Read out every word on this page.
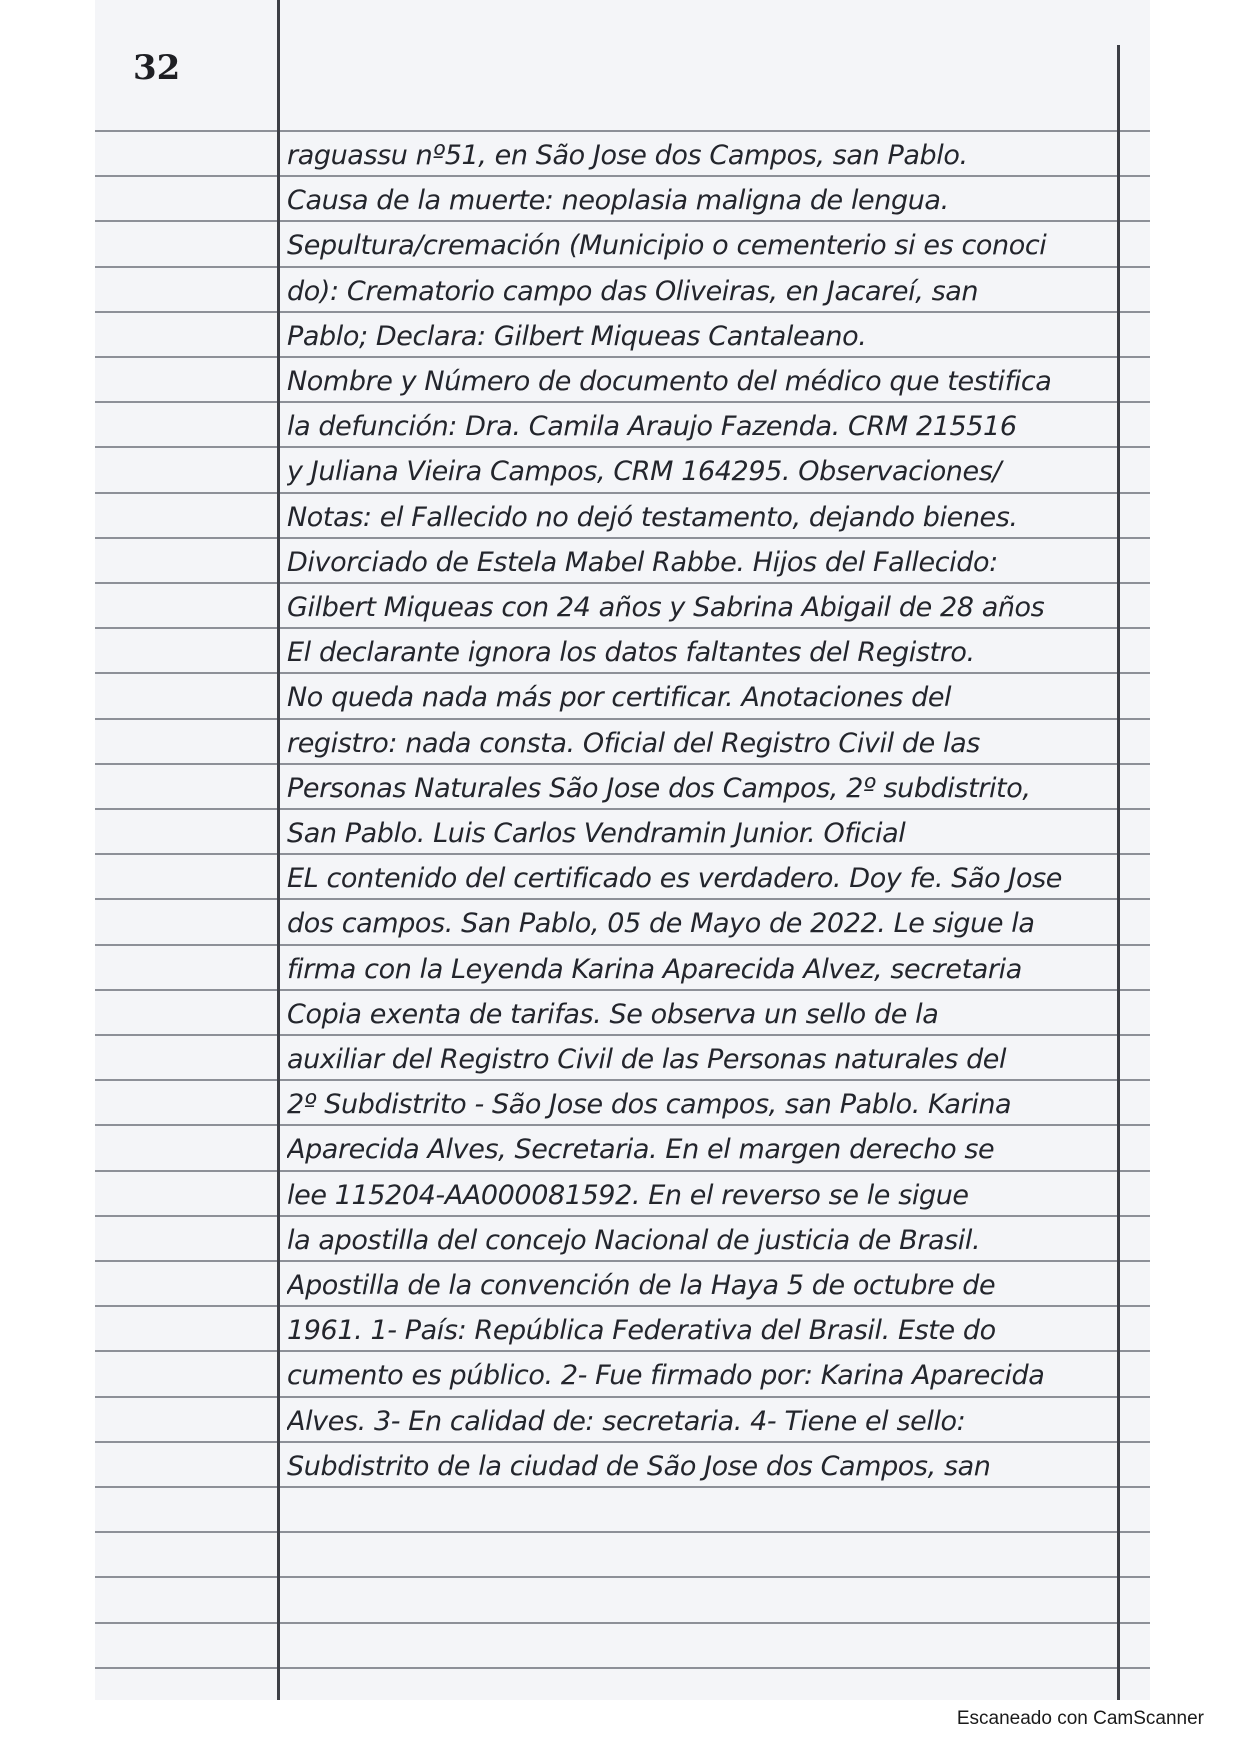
32
raguassu nº51, en São Jose dos Campos, san Pablo.
Causa de la muerte: neoplasia maligna de lengua.
Sepultura/cremación (Municipio o cementerio si es conoci
do): Crematorio campo das Oliveiras, en Jacareí, san
Pablo; Declara: Gilbert Miqueas Cantaleano.
Nombre y Número de documento del médico que testifica
la defunción: Dra. Camila Araujo Fazenda. CRM 215516
y Juliana Vieira Campos, CRM 164295. Observaciones/
Notas: el Fallecido no dejó testamento, dejando bienes.
Divorciado de Estela Mabel Rabbe. Hijos del Fallecido:
Gilbert Miqueas con 24 años y Sabrina Abigail de 28 años
El declarante ignora los datos faltantes del Registro.
No queda nada más por certificar. Anotaciones del
registro: nada consta. Oficial del Registro Civil de las
Personas Naturales São Jose dos Campos, 2º subdistrito,
San Pablo. Luis Carlos Vendramin Junior. Oficial
EL contenido del certificado es verdadero. Doy fe. São Jose
dos campos. San Pablo, 05 de Mayo de 2022. Le sigue la
firma con la Leyenda Karina Aparecida Alvez, secretaria
Copia exenta de tarifas. Se observa un sello de la
auxiliar del Registro Civil de las Personas naturales del
2º Subdistrito - São Jose dos campos, san Pablo. Karina
Aparecida Alves, Secretaria. En el margen derecho se
lee 115204-AA000081592. En el reverso se le sigue
la apostilla del concejo Nacional de justicia de Brasil.
Apostilla de la convención de la Haya 5 de octubre de
1961. 1- País: República Federativa del Brasil. Este do
cumento es público. 2- Fue firmado por: Karina Aparecida
Alves. 3- En calidad de: secretaria. 4- Tiene el sello:
Subdistrito de la ciudad de São Jose dos Campos, san
Escaneado con CamScanner
